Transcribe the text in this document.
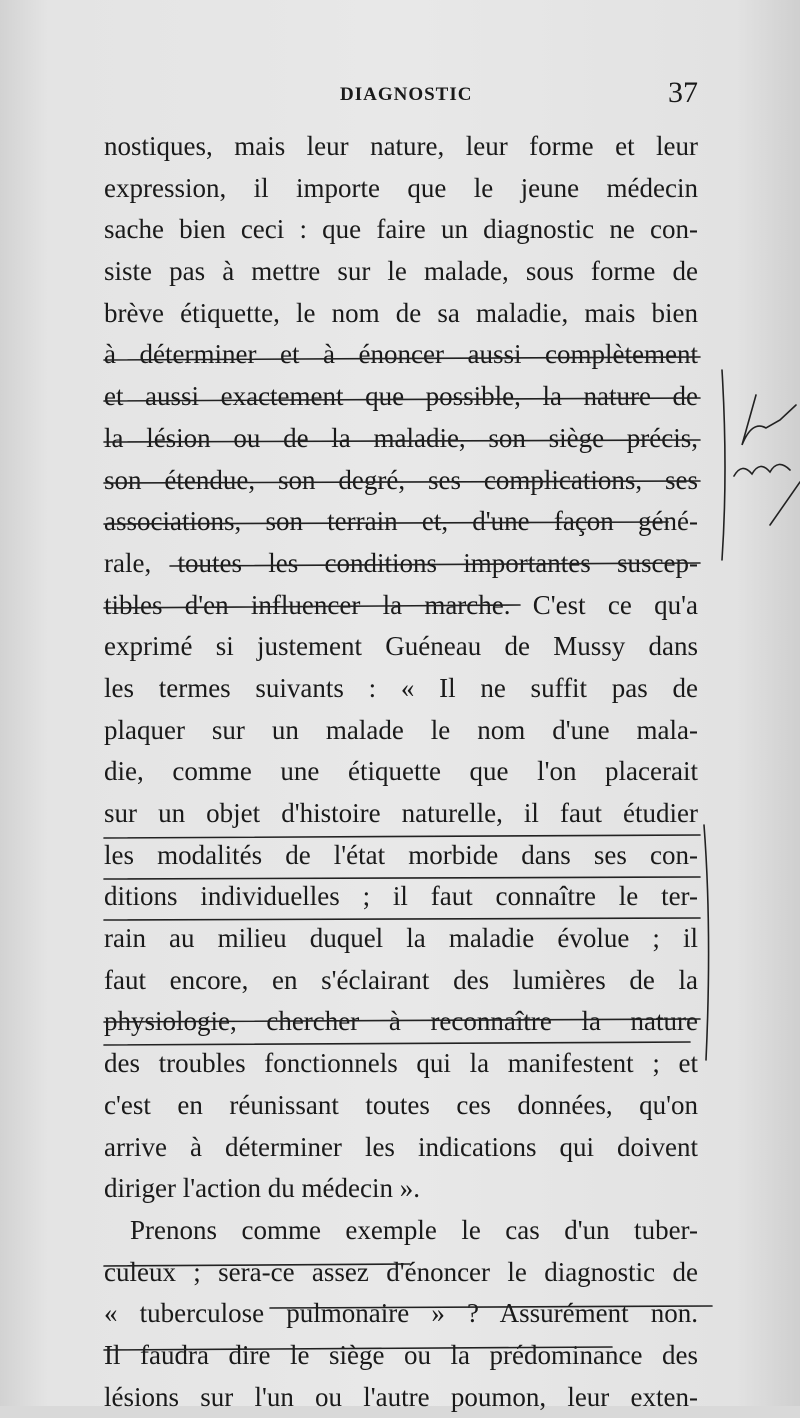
DIAGNOSTIC	37
nostiques, mais leur nature, leur forme et leur
expression, il importe que le jeune médecin
sache bien ceci : que faire un diagnostic ne con-
siste pas à mettre sur le malade, sous forme de
brève étiquette, le nom de sa maladie, mais bien
à déterminer et à énoncer aussi complètement
et aussi exactement que possible, la nature de
la lésion ou de la maladie, son siège précis,
son étendue, son degré, ses complications, ses
associations, son terrain et, d'une façon géné-
rale, toutes les conditions importantes suscep-
tibles d'en influencer la marche. C'est ce qu'a
exprimé si justement Guéneau de Mussy dans
les termes suivants : « Il ne suffit pas de
plaquer sur un malade le nom d'une mala-
die, comme une étiquette que l'on placerait
sur un objet d'histoire naturelle, il faut étudier
les modalités de l'état morbide dans ses con-
ditions individuelles ; il faut connaître le ter-
rain au milieu duquel la maladie évolue ; il
faut encore, en s'éclairant des lumières de la
physiologie, chercher à reconnaître la nature
des troubles fonctionnels qui la manifestent ; et
c'est en réunissant toutes ces données, qu'on
arrive à déterminer les indications qui doivent
diriger l'action du médecin ».
Prenons comme exemple le cas d'un tuber-
culeux ; sera-ce assez d'énoncer le diagnostic de
« tuberculose pulmonaire » ? Assurément non.
Il faudra dire le siège ou la prédominance des
lésions sur l'un ou l'autre poumon, leur exten-
